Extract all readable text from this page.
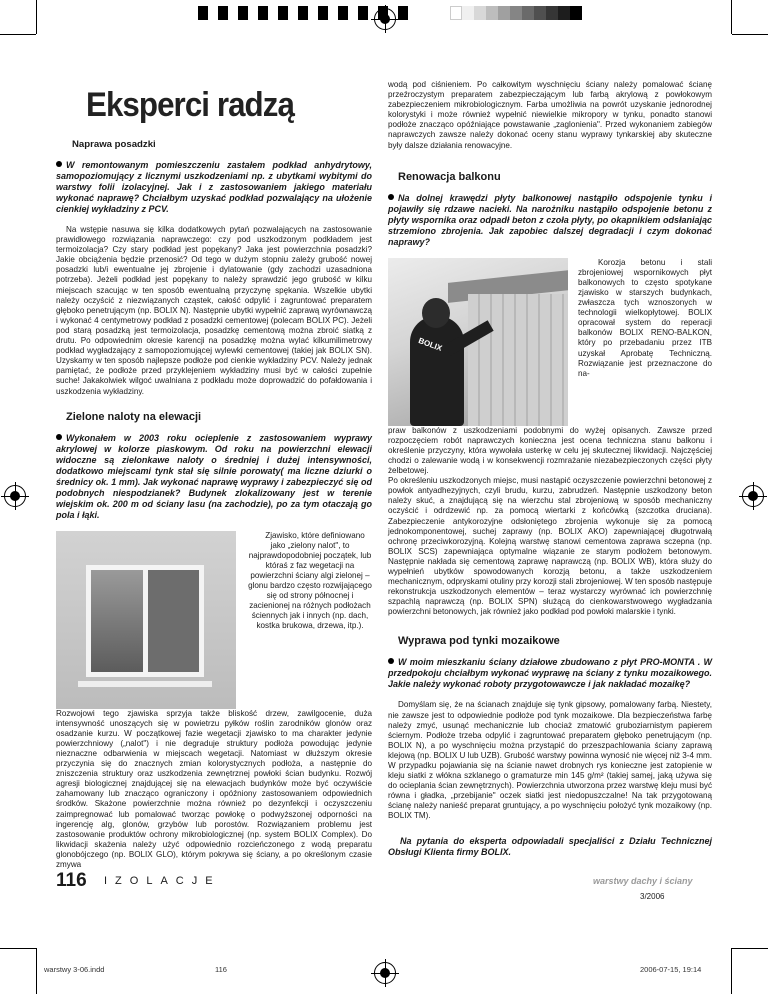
Eksperci radzą
Naprawa posadzki

W remontowanym pomieszczeniu zastałem podkład anhydrytowy, samopoziomujący z licznymi uszkodzeniami np. z ubytkami wybitymi do warstwy folii izolacyjnej. Jak i z zastosowaniem jakiego materiału wykonać naprawę? Chciałbym uzyskać podkład pozwalający na ułożenie cienkiej wykładziny z PCV.

Na wstępie nasuwa się kilka dodatkowych pytań pozwalających na zastosowanie prawidłowego rozwiązania naprawczego: czy pod uszkodzonym podkładem jest termoizolacja? Czy stary podkład jest popękany? Jaka jest powierzchnia posadzki? Jakie obciążenia będzie przenosić? Od tego w dużym stopniu zależy grubość nowej posadzki lub/i ewentualne jej zbrojenie i dylatowanie (gdy zachodzi uzasadniona potrzeba). Jeżeli podkład jest popękany to należy sprawdzić jego grubość w kilku miejscach szacując w ten sposób ewentualną przyczynę spękania. Wszelkie ubytki należy oczyścić z niezwiązanych cząstek, całość odpylić i zagruntować preparatem głęboko penetrującym (np. BOLIX N). Następnie ubytki wypełnić zaprawą wyrównawczą i wykonać 4 centymetrowy podkład z posadzki cementowej (polecam BOLIX PC). Jeżeli pod starą posadzką jest termoizolacja, posadzkę cementową można zbroić siatką z drutu. Po odpowiednim okresie karencji na posadzkę można wylać kilkumilimetrowy podkład wygładzający z samopoziomującej wylewki cementowej (takiej jak BOLIX SN). Uzyskamy w ten sposób najlepsze podłoże pod cienkie wykładziny PCV. Należy jednak pamiętać, że podłoże przed przyklejeniem wykładziny musi być w całości zupełnie suche! Jakakolwiek wilgoć uwalniana z podkładu może doprowadzić do pofałdowania i uszkodzenia wykładziny.

Zielone naloty na elewacji

Wykonałem w 2003 roku ocieplenie z zastosowaniem wyprawy akrylowej w kolorze piaskowym. Od roku na powierzchni elewacji widoczne są zielonkawe naloty o średniej i dużej intensywności, dodatkowo miejscami tynk stał się silnie porowaty( ma liczne dziurki o średnicy ok. 1 mm). Jak wykonać naprawę wyprawy i zabezpieczyć się od podobnych niespodzianek? Budynek zlokalizowany jest w terenie wiejskim ok. 200 m od ściany lasu (na zachodzie), po za tym otaczają go pola i łąki.

Zjawisko, które definiowano jako „zielony nalot", to najprawdopodobniej początek, lub któraś z faz wegetacji na powierzchni ściany algi zielonej – glonu bardzo często rozwijającego się od strony północnej i zacienionej na różnych podłożach ściennych jak i innych (np. dach, kostka brukowa, drzewa, itp.).

Rozwojowi tego zjawiska sprzyja także bliskość drzew, zawilgocenie, duża intensywność unoszących się w powietrzu pyłków roślin zarodników glonów oraz osadzanie kurzu. W początkowej fazie wegetacji zjawisko to ma charakter jedynie powierzchniowy („nalot") i nie degraduje struktury podłoża powodując jedynie nieznaczne odbarwienia w miejscach wegetacji. Natomiast w dłuższym okresie przyczynia się do znacznych zmian kolorystycznych podłoża, a następnie do zniszczenia struktury oraz uszkodzenia zewnętrznej powłoki ścian budynku. Rozwój agresji biologicznej znajdującej się na elewacjach budynków może być oczywiście zahamowany lub znacząco ograniczony i opóźniony zastosowaniem odpowiednich środków. Skażone powierzchnie można również po dezynfekcji i oczyszczeniu zaimpregnować lub pomalować tworząc powłokę o podwyższonej odporności na ingerencję alg, glonów, grzybów lub porostów. Rozwiązaniem problemu jest zastosowanie produktów ochrony mikrobiologicznej (np. system BOLIX Complex). Do likwidacji skażenia należy użyć odpowiednio rozcieńczonego z wodą preparatu glonobójczego (np. BOLIX GLO), którym pokrywa się ściany, a po określonym czasie zmywa

wodą pod ciśnieniem. Po całkowitym wyschnięciu ściany należy pomalować ścianę przeźroczystym preparatem zabezpieczającym lub farbą akrylową z powłokowym zabezpieczeniem mikrobiologicznym. Farba umożliwia na powrót uzyskanie jednorodnej kolorystyki i może również wypełnić niewielkie mikropory w tynku, ponadto stanowi podłoże znacząco opóźniające powstawanie „zaglonienia". Przed wykonaniem zabiegów naprawczych zawsze należy dokonać oceny stanu wyprawy tynkarskiej aby skuteczne były dalsze działania renowacyjne.

Renowacja balkonu

Na dolnej krawędzi płyty balkonowej nastąpiło odspojenie tynku i pojawiły się rdzawe nacieki. Na narożniku nastąpiło odspojenie betonu z płyty wspornika oraz odpadł beton z czoła płyty, po okapnikiem odsłaniając strzemiono zbrojenia. Jak zapobiec dalszej degradacji i czym dokonać naprawy?

BOLIX

Korozja betonu i stali zbrojeniowej wspornikowych płyt balkonowych to często spotykane zjawisko w starszych budynkach, zwłaszcza tych wznoszonych w technologii wielkopłytowej. BOLIX opracował system do reperacji balkonów BOLIX RENO-BALKON, który po przebadaniu przez ITB uzyskał Aprobatę Techniczną. Rozwiązanie jest przeznaczone do na-

praw balkonów z uszkodzeniami podobnymi do wyżej opisanych. Zawsze przed rozpoczęciem robót naprawczych konieczna jest ocena techniczna stanu balkonu i określenie przyczyny, która wywołała usterkę w celu jej skutecznej likwidacji. Najczęściej chodzi o zalewanie wodą i w konsekwencji rozmrażanie niezabezpieczonych części płyty żelbetowej.
Po określeniu uszkodzonych miejsc, musi nastąpić oczyszczenie powierzchni betonowej z powłok antyadhezyjnych, czyli brudu, kurzu, zabrudzeń. Następnie uszkodzony beton należy skuć, a znajdującą się na wierzchu stal zbrojeniową w sposób mechaniczny oczyścić i odrdzewić np. za pomocą wiertarki z końcówką (szczotka druciana). Zabezpieczenie antykorozyjne odsłoniętego zbrojenia wykonuje się za pomocą jednokomponentowej, suchej zaprawy (np. BOLIX AKO) zapewniającej długotrwałą ochronę przeciwkorozyjną. Kolejną warstwę stanowi cementowa zaprawa sczepna (np. BOLIX SCS) zapewniająca optymalne wiązanie ze starym podłożem betonowym. Następnie nakłada się cementową zaprawę naprawczą (np. BOLIX WB), która służy do wypełnień ubytków spowodowanych korozją betonu, a także uszkodzeniem mechanicznym, odpryskami otuliny przy korozji stali zbrojeniowej. W ten sposób następuje rekonstrukcja uszkodzonych elementów – teraz wystarczy wyrównać ich powierzchnię szpachlą naprawczą (np. BOLIX SPN) służącą do cienkowarstwowego wygładzania powierzchni betonowych, jak również jako podkład pod powłoki malarskie i tynki.

Wyprawa pod tynki mozaikowe

W moim mieszkaniu ściany działowe zbudowano z płyt PRO-MONTA . W przedpokoju chciałbym wykonać wyprawę na ściany z tynku mozaikowego. Jakie należy wykonać roboty przygotowawcze i jak nakładać mozaikę?

Domyślam się, że na ścianach znajduje się tynk gipsowy, pomalowany farbą. Niestety, nie zawsze jest to odpowiednie podłoże pod tynk mozaikowe. Dla bezpieczeństwa farbę należy zmyć, usunąć mechanicznie lub chociaż zmatowić gruboziarnistym papierem ściernym. Podłoże trzeba odpylić i zagruntować preparatem głęboko penetrującym (np. BOLIX N), a po wyschnięciu można przystąpić do przeszpachlowania ściany zaprawą klejową (np. BOLIX U lub UZB). Grubość warstwy powinna wynosić nie więcej niż 3-4 mm. W przypadku pojawiania się na ścianie nawet drobnych rys konieczne jest zatopienie w kleju siatki z włókna szklanego o gramaturze min 145 g/m² (takiej samej, jaką używa się do ocieplania ścian zewnętrznych). Powierzchnia utworzona przez warstwę kleju musi być równa i gładka, „przebijanie" oczek siatki jest niedopuszczalne! Na tak przygotowaną ścianę należy nanieść preparat gruntujący, a po wyschnięciu położyć tynk mozaikowy (np. BOLIX TM).

Na pytania do eksperta odpowiadali specjaliści z Działu Technicznej Obsługi Klienta firmy BOLIX.

116 IZOLACJE	warstwy dachy i ściany
3/2006
warstwy 3-06.indd	116	2006-07-15, 19:14
